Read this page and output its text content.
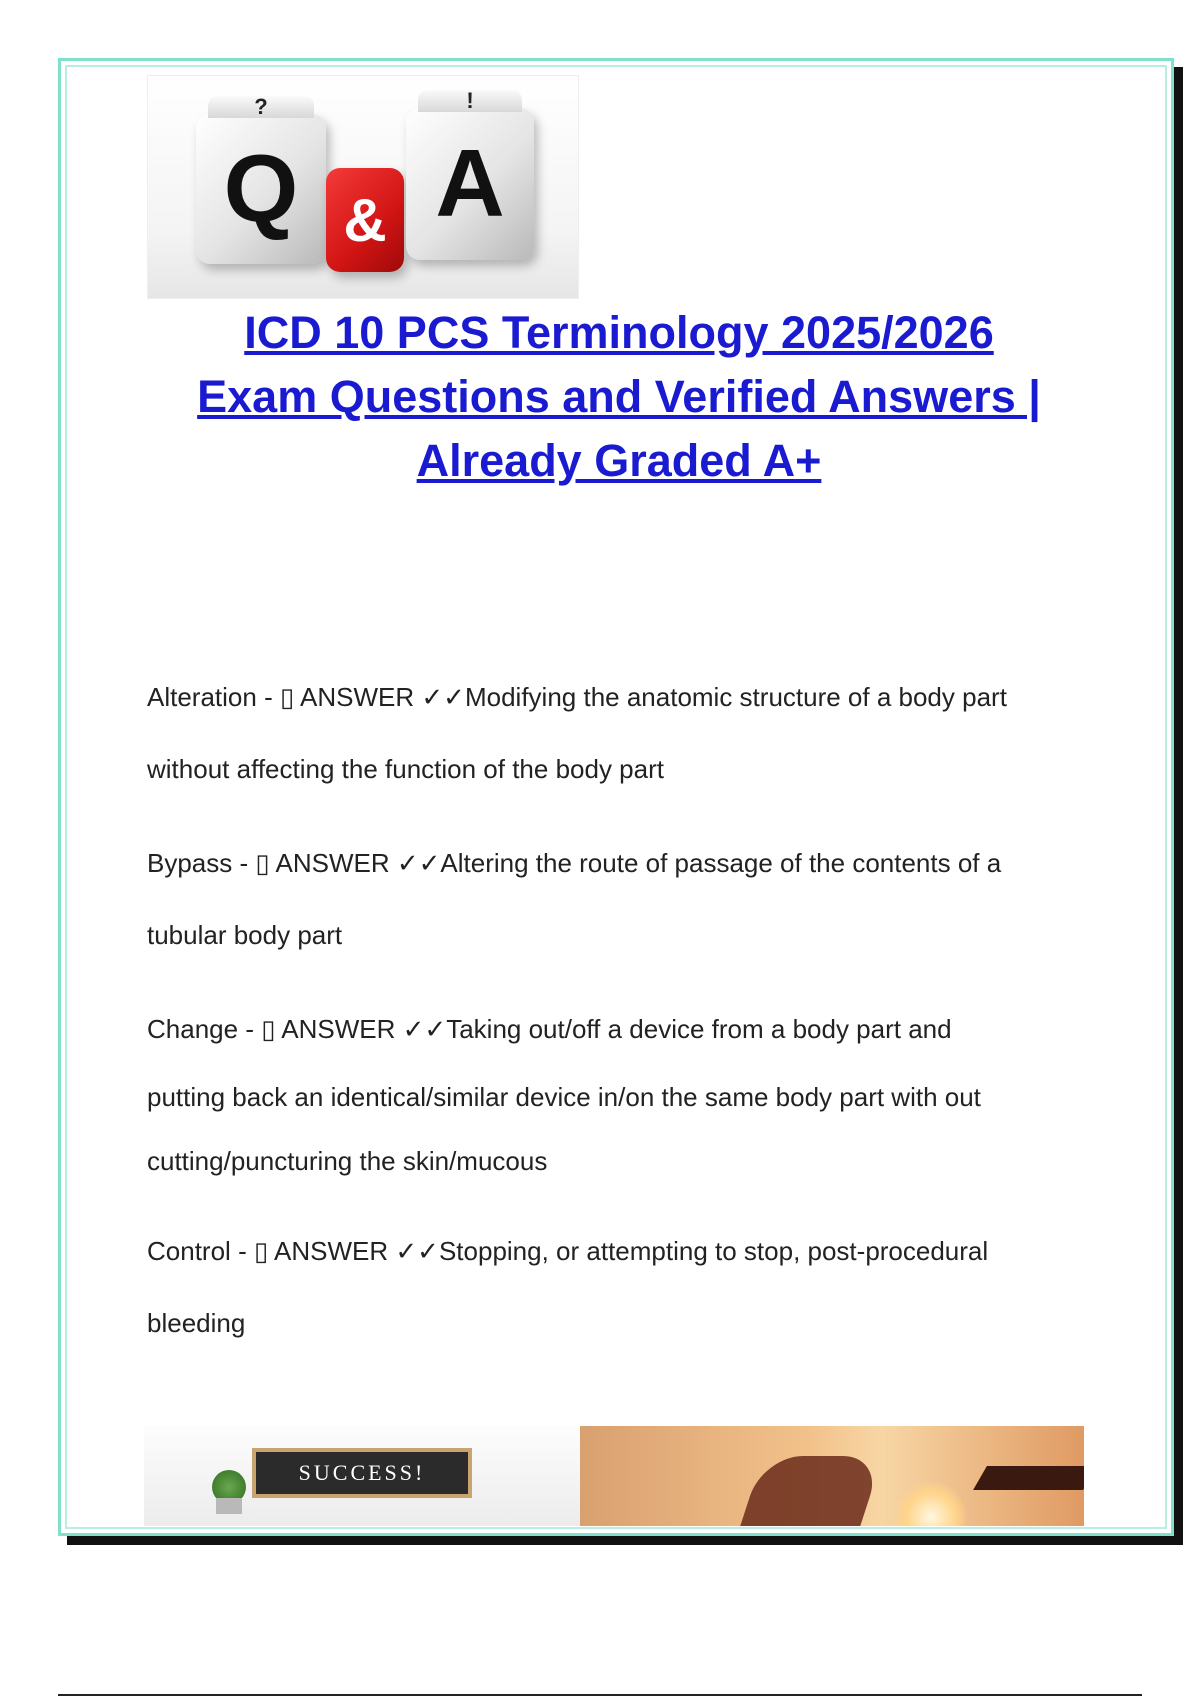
Q
?
& A
!
ICD 10 PCS Terminology 2025/2026
Exam Questions and Verified Answers |
Already Graded A+
Alteration - ▯ ANSWER ✓✓Modifying the anatomic structure of a body part
without affecting the function of the body part
Bypass - ▯ ANSWER ✓✓Altering the route of passage of the contents of a
tubular body part
Change - ▯ ANSWER ✓✓Taking out/off a device from a body part and
putting back an identical/similar device in/on the same body part with out
cutting/puncturing the skin/mucous
Control - ▯ ANSWER ✓✓Stopping, or attempting to stop, post-procedural
bleeding
SUCCESS!
